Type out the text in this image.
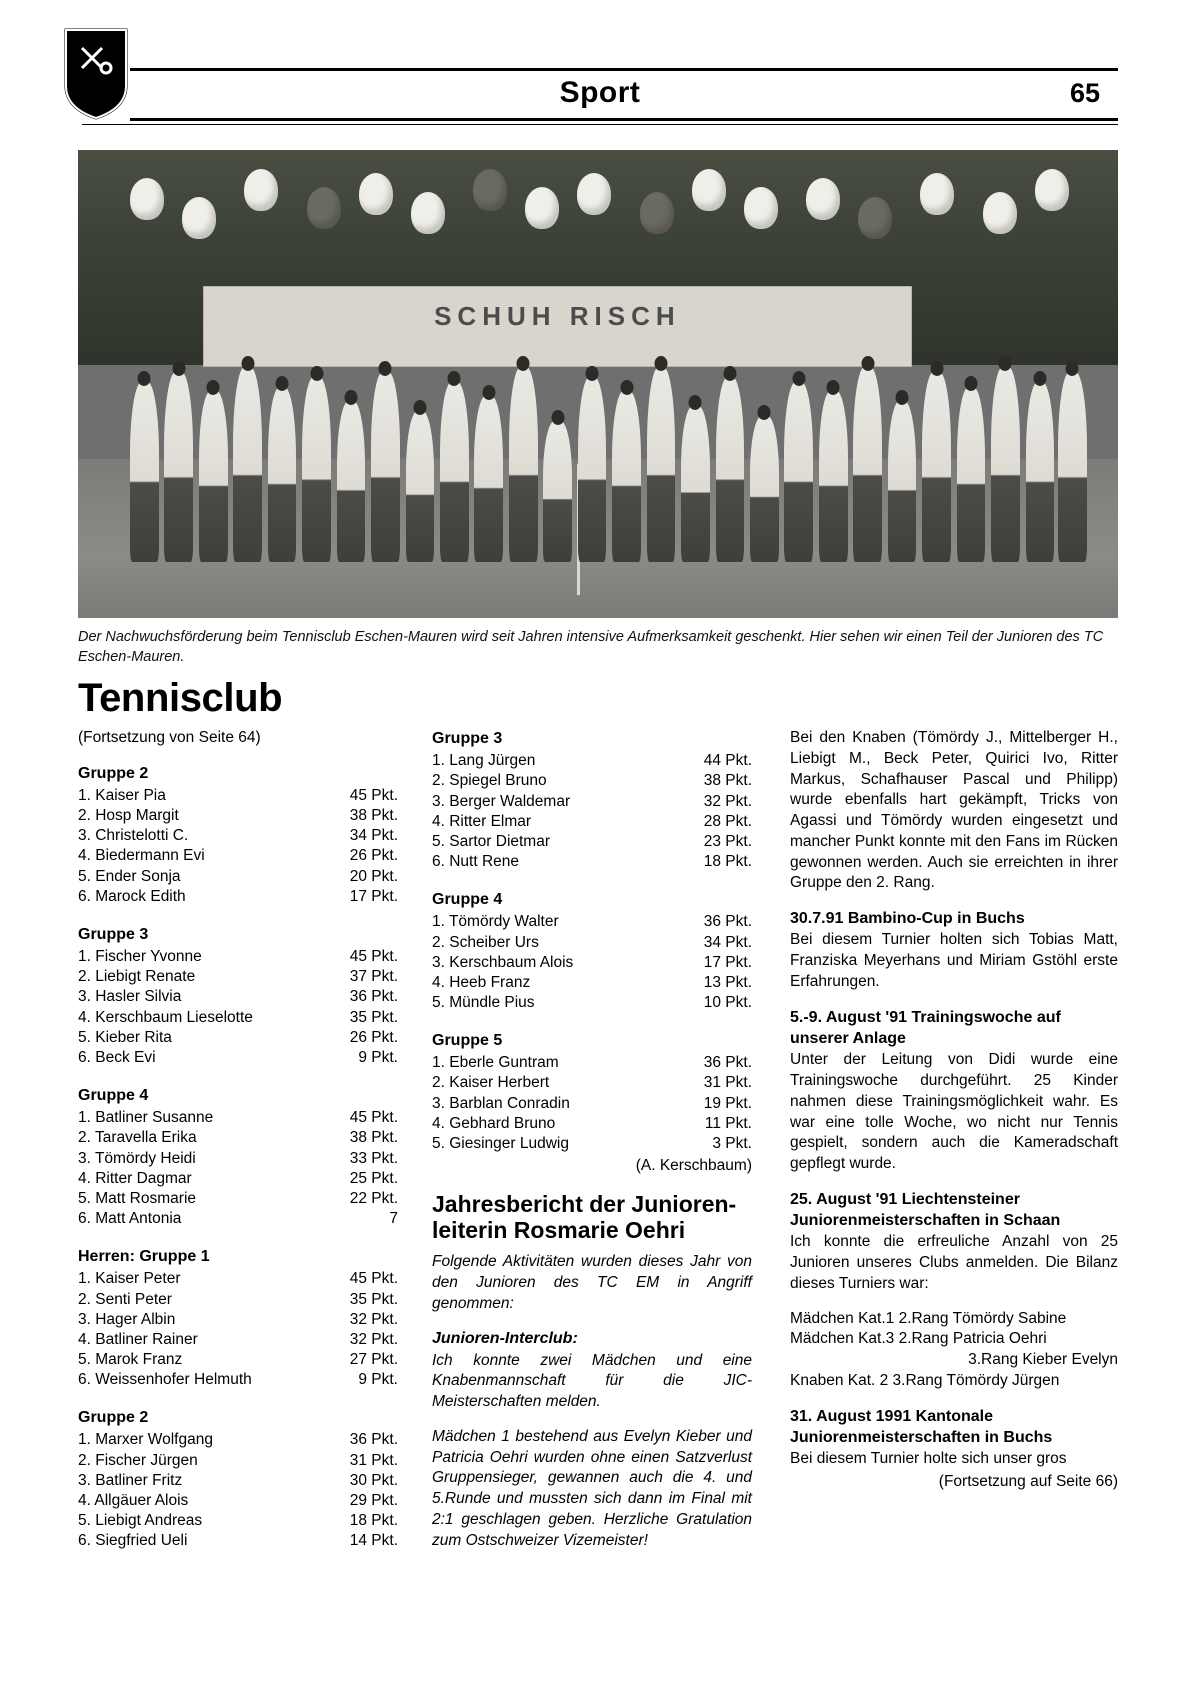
Sport	65
SCHUH RISCH
Der Nachwuchsförderung beim Tennisclub Eschen-Mauren wird seit Jahren intensive Aufmerksamkeit geschenkt. Hier sehen wir einen Teil der Junioren des TC Eschen-Mauren.
Tennisclub
(Fortsetzung von Seite 64)
Gruppe 2
1. Kaiser Pia	45 Pkt.
2. Hosp Margit	38 Pkt.
3. Christelotti C.	34 Pkt.
4. Biedermann Evi	26 Pkt.
5. Ender Sonja	20 Pkt.
6. Marock Edith	17 Pkt.
Gruppe 3
1. Fischer Yvonne	45 Pkt.
2. Liebigt Renate	37 Pkt.
3. Hasler Silvia	36 Pkt.
4. Kerschbaum Lieselotte	35 Pkt.
5. Kieber Rita	26 Pkt.
6. Beck Evi	9 Pkt.
Gruppe 4
1. Batliner Susanne	45 Pkt.
2. Taravella Erika	38 Pkt.
3. Tömördy Heidi	33 Pkt.
4. Ritter Dagmar	25 Pkt.
5. Matt Rosmarie	22 Pkt.
6. Matt Antonia	7
Herren: Gruppe 1
1. Kaiser Peter	45 Pkt.
2. Senti Peter	35 Pkt.
3. Hager Albin	32 Pkt.
4. Batliner Rainer	32 Pkt.
5. Marok Franz	27 Pkt.
6. Weissenhofer Helmuth	9 Pkt.
Gruppe 2
1. Marxer Wolfgang	36 Pkt.
2. Fischer Jürgen	31 Pkt.
3. Batliner Fritz	30 Pkt.
4. Allgäuer Alois	29 Pkt.
5. Liebigt Andreas	18 Pkt.
6. Siegfried Ueli	14 Pkt.
Gruppe 3
1. Lang Jürgen	44 Pkt.
2. Spiegel Bruno	38 Pkt.
3. Berger Waldemar	32 Pkt.
4. Ritter Elmar	28 Pkt.
5. Sartor Dietmar	23 Pkt.
6. Nutt Rene	18 Pkt.
Gruppe 4
1. Tömördy Walter	36 Pkt.
2. Scheiber Urs	34 Pkt.
3. Kerschbaum Alois	17 Pkt.
4. Heeb Franz	13 Pkt.
5. Mündle Pius	10 Pkt.
Gruppe 5
1. Eberle Guntram	36 Pkt.
2. Kaiser Herbert	31 Pkt.
3. Barblan Conradin	19 Pkt.
4. Gebhard Bruno	11 Pkt.
5. Giesinger Ludwig	3 Pkt.
(A. Kerschbaum)
Jahresbericht der Junioren-leiterin Rosmarie Oehri
Folgende Aktivitäten wurden dieses Jahr von den Junioren des TC EM in Angriff genommen:
Junioren-Interclub:
Ich konnte zwei Mädchen und eine Knabenmannschaft für die JIC-Meisterschaften melden.
Mädchen 1 bestehend aus Evelyn Kieber und Patricia Oehri wurden ohne einen Satzverlust Gruppensieger, gewannen auch die 4. und 5.Runde und mussten sich dann im Final mit 2:1 geschlagen geben. Herzliche Gratulation zum Ostschweizer Vizemeister!
Bei den Knaben (Tömördy J., Mittelberger H., Liebigt M., Beck Peter, Quirici Ivo, Ritter Markus, Schafhauser Pascal und Philipp) wurde ebenfalls hart gekämpft, Tricks von Agassi und Tömördy wurden eingesetzt und mancher Punkt konnte mit den Fans im Rücken gewonnen werden. Auch sie erreichten in ihrer Gruppe den 2. Rang.
30.7.91 Bambino-Cup in Buchs
Bei diesem Turnier holten sich Tobias Matt, Franziska Meyerhans und Miriam Gstöhl erste Erfahrungen.
5.-9. August '91 Trainingswoche auf unserer Anlage
Unter der Leitung von Didi wurde eine Trainingswoche durchgeführt. 25 Kinder nahmen diese Trainingsmöglichkeit wahr. Es war eine tolle Woche, wo nicht nur Tennis gespielt, sondern auch die Kameradschaft gepflegt wurde.
25. August '91 Liechtensteiner Juniorenmeisterschaften in Schaan
Ich konnte die erfreuliche Anzahl von 25 Junioren unseres Clubs anmelden. Die Bilanz dieses Turniers war:
Mädchen Kat.1 2.Rang Tömördy Sabine
Mädchen Kat.3 2.Rang Patricia Oehri
3.Rang Kieber Evelyn
Knaben Kat. 2 3.Rang Tömördy Jürgen
31. August 1991 Kantonale Juniorenmeisterschaften in Buchs
Bei diesem Turnier holte sich unser gros
(Fortsetzung auf Seite 66)
